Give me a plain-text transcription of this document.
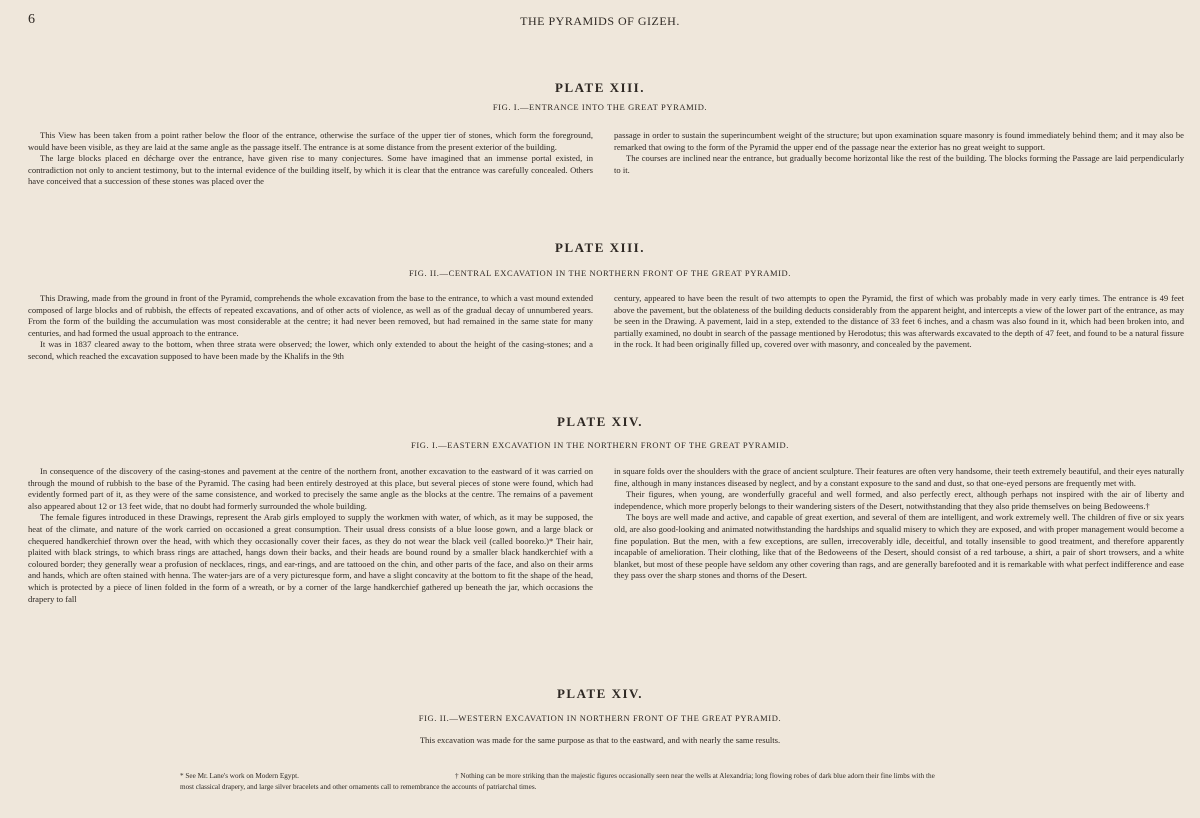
6	THE PYRAMIDS OF GIZEH.
PLATE XIII.
FIG. I.—ENTRANCE INTO THE GREAT PYRAMID.

This View has been taken from a point rather below the floor of the entrance, otherwise the surface of the upper tier of stones, which form the foreground, would have been visible, as they are laid at the same angle as the passage itself. The entrance is at some distance from the present exterior of the building.

The large blocks placed en décharge over the entrance, have given rise to many conjectures. Some have imagined that an immense portal existed, in contradiction not only to ancient testimony, but to the internal evidence of the building itself, by which it is clear that the entrance was carefully concealed. Others have conceived that a succession of these stones was placed over the

passage in order to sustain the superincumbent weight of the structure; but upon examination square masonry is found immediately behind them; and it may also be remarked that owing to the form of the Pyramid the upper end of the passage near the exterior has no great weight to support.

The courses are inclined near the entrance, but gradually become horizontal like the rest of the building. The blocks forming the Passage are laid perpendicularly to it.

PLATE XIII.
FIG. II.—CENTRAL EXCAVATION IN THE NORTHERN FRONT OF THE GREAT PYRAMID.

This Drawing, made from the ground in front of the Pyramid, comprehends the whole excavation from the base to the entrance, to which a vast mound extended composed of large blocks and of rubbish, the effects of repeated excavations, and of other acts of violence, as well as of the gradual decay of unnumbered years. From the form of the building the accumulation was most considerable at the centre; it had never been removed, but had remained in the same state for many centuries, and had formed the usual approach to the entrance.

It was in 1837 cleared away to the bottom, when three strata were observed; the lower, which only extended to about the height of the casing-stones; and a second, which reached the excavation supposed to have been made by the Khalifs in the 9th

century, appeared to have been the result of two attempts to open the Pyramid, the first of which was probably made in very early times. The entrance is 49 feet above the pavement, but the oblateness of the building deducts considerably from the apparent height, and intercepts a view of the lower part of the entrance, as may be seen in the Drawing. A pavement, laid in a step, extended to the distance of 33 feet 6 inches, and a chasm was also found in it, which had been broken into, and partially examined, no doubt in search of the passage mentioned by Herodotus; this was afterwards excavated to the depth of 47 feet, and found to be a natural fissure in the rock. It had been originally filled up, covered over with masonry, and concealed by the pavement.

PLATE XIV.
FIG. I.—EASTERN EXCAVATION IN THE NORTHERN FRONT OF THE GREAT PYRAMID.

In consequence of the discovery of the casing-stones and pavement at the centre of the northern front, another excavation to the eastward of it was carried on through the mound of rubbish to the base of the Pyramid. The casing had been entirely destroyed at this place, but several pieces of stone were found, which had evidently formed part of it, as they were of the same consistence, and worked to precisely the same angle as the blocks at the centre. The remains of a pavement also appeared about 12 or 13 feet wide, that no doubt had formerly surrounded the whole building.

The female figures introduced in these Drawings, represent the Arab girls employed to supply the workmen with water, of which, as it may be supposed, the heat of the climate, and nature of the work carried on occasioned a great consumption. Their usual dress consists of a blue loose gown, and a large black or chequered handkerchief thrown over the head, with which they occasionally cover their faces, as they do not wear the black veil (called booreko.)* Their hair, plaited with black strings, to which brass rings are attached, hangs down their backs, and their heads are bound round by a smaller black handkerchief with a coloured border; they generally wear a profusion of necklaces, rings, and ear-rings, and are tattooed on the chin, and other parts of the face, and also on their arms and hands, which are often stained with henna. The water-jars are of a very picturesque form, and have a slight concavity at the bottom to fit the shape of the head, which is protected by a piece of linen folded in the form of a wreath, or by a corner of the large handkerchief gathered up beneath the jar, which occasions the drapery to fall

in square folds over the shoulders with the grace of ancient sculpture. Their features are often very handsome, their teeth extremely beautiful, and their eyes naturally fine, although in many instances diseased by neglect, and by a constant exposure to the sand and dust, so that one-eyed persons are frequently met with.

Their figures, when young, are wonderfully graceful and well formed, and also perfectly erect, although perhaps not inspired with the air of liberty and independence, which more properly belongs to their wandering sisters of the Desert, notwithstanding that they also pride themselves on being Bedoweens.†

The boys are well made and active, and capable of great exertion, and several of them are intelligent, and work extremely well. The children of five or six years old, are also good-looking and animated notwithstanding the hardships and squalid misery to which they are exposed, and with proper management would become a fine population. But the men, with a few exceptions, are sullen, irrecoverably idle, deceitful, and totally insensible to good treatment, and therefore apparently incapable of amelioration. Their clothing, like that of the Bedoweens of the Desert, should consist of a red tarbouse, a shirt, a pair of short trowsers, and a white blanket, but most of these people have seldom any other covering than rags, and are generally barefooted and it is remarkable with what perfect indifference and ease they pass over the sharp stones and thorns of the Desert.

PLATE XIV.
FIG. II.—WESTERN EXCAVATION IN NORTHERN FRONT OF THE GREAT PYRAMID.
This excavation was made for the same purpose as that to the eastward, and with nearly the same results.
* See Mr. Lane's work on Modern Egypt.	† Nothing can be more striking than the majestic figures occasionally seen near the wells at Alexandria; long flowing robes of dark blue adorn their fine limbs with the
most classical drapery, and large silver bracelets and other ornaments call to remembrance the accounts of patriarchal times.
